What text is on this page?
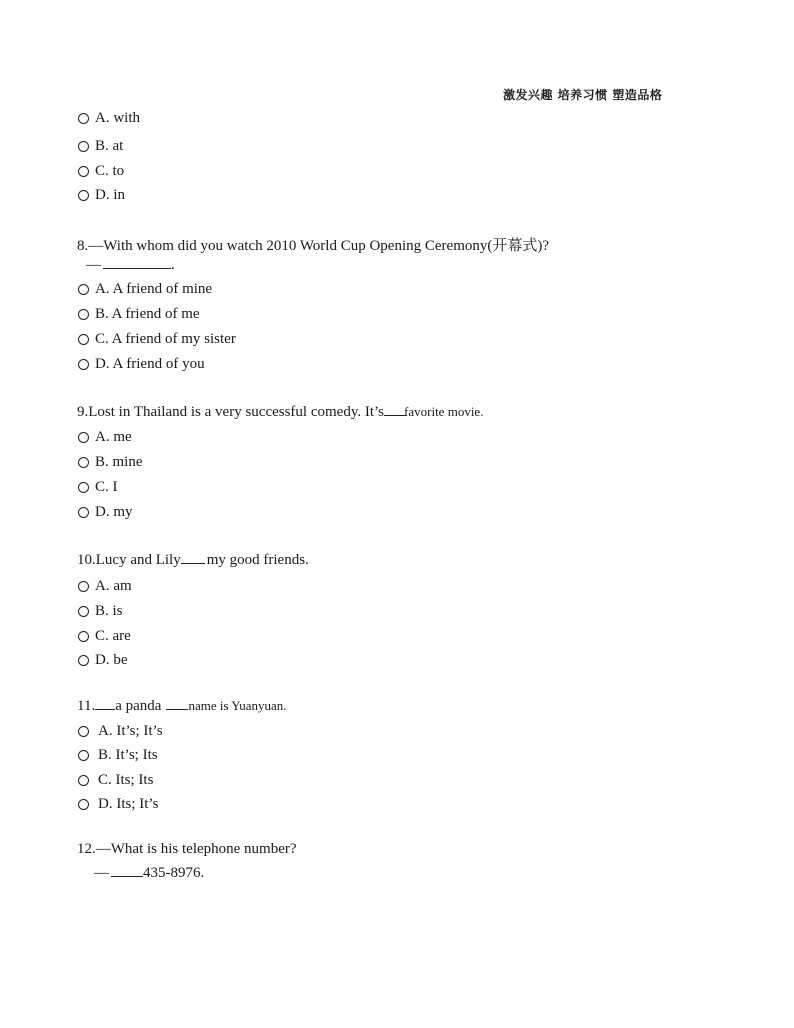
激发兴趣 培养习惯 塑造品格
A. with
B. at
C. to
D. in
8.—With whom did you watch 2010 World Cup Opening Ceremony(开幕式)?
—	.
A. A friend of mine
B. A friend of me
C. A friend of my sister
D. A friend of you
9.Lost in Thailand is a very successful comedy. It’s favorite movie.
A. me
B. mine
C. I
D. my
10.Lucy and Lily my good friends.
A. am
B. is
C. are
D. be
11. a panda name is Yuanyuan.
A. It’s; It’s
B. It’s; Its
C. Its; Its
D. Its; It’s
12.—What is his telephone number?
— 435-8976.
